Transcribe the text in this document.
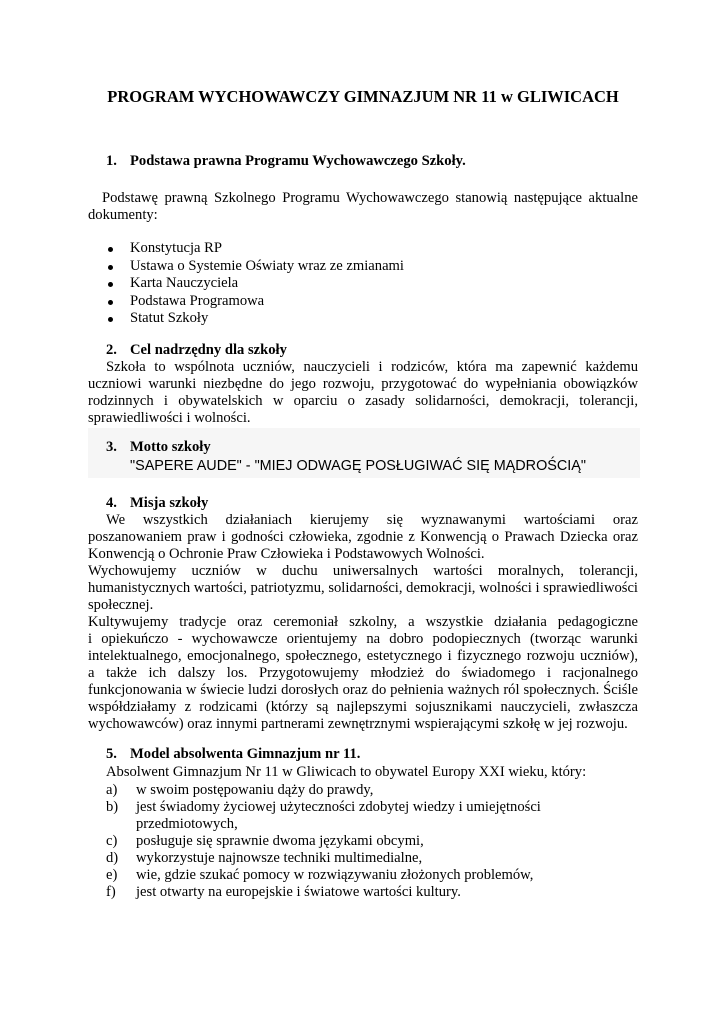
PROGRAM WYCHOWAWCZY GIMNAZJUM NR 11 w GLIWICACH
1. Podstawa prawna Programu Wychowawczego Szkoły.
Podstawę prawną Szkolnego Programu Wychowawczego stanowią następujące aktualne
dokumenty:
Konstytucja RP
Ustawa o Systemie Oświaty wraz ze zmianami
Karta Nauczyciela
Podstawa Programowa
Statut Szkoły
2. Cel nadrzędny dla szkoły
Szkoła to wspólnota uczniów, nauczycieli i rodziców, która ma zapewnić każdemu
uczniowi warunki niezbędne do jego rozwoju, przygotować do wypełniania obowiązków
rodzinnych i obywatelskich w oparciu o zasady solidarności, demokracji, tolerancji,
sprawiedliwości i wolności.
3. Motto szkoły
"SAPERE AUDE" - "MIEJ ODWAGĘ POSŁUGIWAĆ SIĘ MĄDROŚCIĄ"
4. Misja szkoły
We wszystkich działaniach kierujemy się wyznawanymi wartościami oraz
poszanowaniem praw i godności człowieka, zgodnie z Konwencją o Prawach Dziecka oraz
Konwencją o Ochronie Praw Człowieka i Podstawowych Wolności.
Wychowujemy uczniów w duchu uniwersalnych wartości moralnych, tolerancji,
humanistycznych wartości, patriotyzmu, solidarności, demokracji, wolności i sprawiedliwości
społecznej.
Kultywujemy tradycje oraz ceremoniał szkolny, a wszystkie działania pedagogiczne
i opiekuńczo - wychowawcze orientujemy na dobro podopiecznych (tworząc warunki
intelektualnego, emocjonalnego, społecznego, estetycznego i fizycznego rozwoju uczniów),
a także ich dalszy los. Przygotowujemy młodzież do świadomego i racjonalnego
funkcjonowania w świecie ludzi dorosłych oraz do pełnienia ważnych ról społecznych. Ściśle
współdziałamy z rodzicami (którzy są najlepszymi sojusznikami nauczycieli, zwłaszcza
wychowawców) oraz innymi partnerami zewnętrznymi wspierającymi szkołę w jej rozwoju.
5. Model absolwenta Gimnazjum nr 11.
Absolwent Gimnazjum Nr 11 w Gliwicach to obywatel Europy XXI wieku, który:
a) w swoim postępowaniu dąży do prawdy,
b) jest świadomy życiowej użyteczności zdobytej wiedzy i umiejętności przedmiotowych,
c) posługuje się sprawnie dwoma językami obcymi,
d) wykorzystuje najnowsze techniki multimedialne,
e) wie, gdzie szukać pomocy w rozwiązywaniu złożonych problemów,
f) jest otwarty na europejskie i światowe wartości kultury.
